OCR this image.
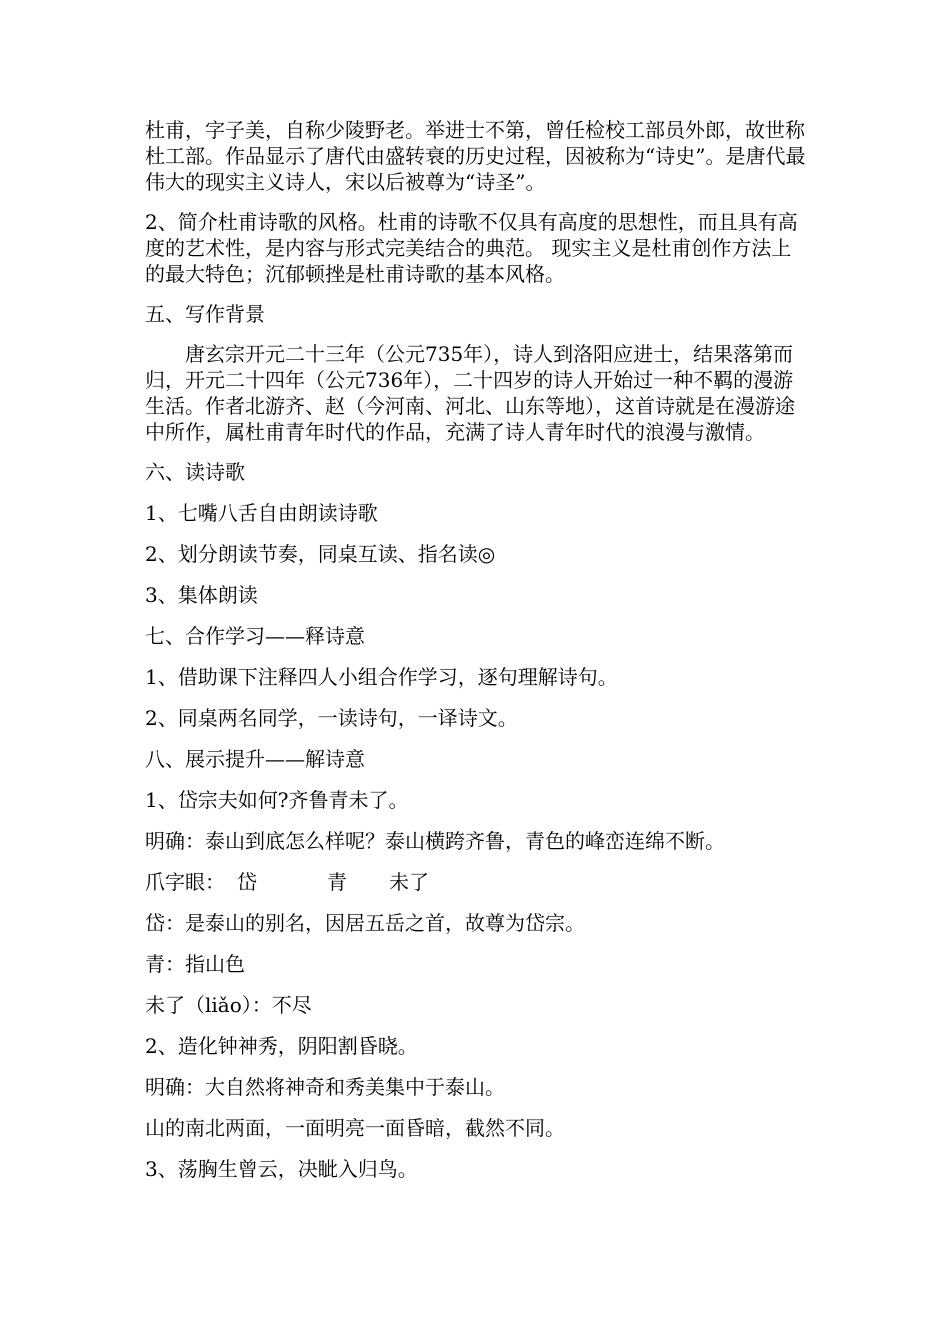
杜甫，字子美，自称少陵野老。举进士不第，曾任检校工部员外郎，故世称杜工部。作品显示了唐代由盛转衰的历史过程，因被称为“诗史”。是唐代最伟大的现实主义诗人，宋以后被尊为“诗圣”。

2、简介杜甫诗歌的风格。杜甫的诗歌不仅具有高度的思想性，而且具有高度的艺术性，是内容与形式完美结合的典范。 现实主义是杜甫创作方法上的最大特色；沉郁顿挫是杜甫诗歌的基本风格。

五、写作背景

唐玄宗开元二十三年（公元735年），诗人到洛阳应进士，结果落第而归，开元二十四年（公元736年），二十四岁的诗人开始过一种不羁的漫游生活。作者北游齐、赵（今河南、河北、山东等地），这首诗就是在漫游途中所作，属杜甫青年时代的作品，充满了诗人青年时代的浪漫与激情。

六、读诗歌

1、七嘴八舌自由朗读诗歌

2、划分朗读节奏，同桌互读、指名读◎

3、集体朗读

七、合作学习——释诗意

1、借助课下注释四人小组合作学习，逐句理解诗句。

2、同桌两名同学，一读诗句，一译诗文。

八、展示提升——解诗意

1、岱宗夫如何?齐鲁青未了。

明确：泰山到底怎么样呢？泰山横跨齐鲁，青色的峰峦连绵不断。

爪字眼： 岱	青	未了

岱：是泰山的别名，因居五岳之首，故尊为岱宗。

青：指山色

未了（liǎo）：不尽

2、造化钟神秀，阴阳割昏晓。

明确：大自然将神奇和秀美集中于泰山。

山的南北两面，一面明亮一面昏暗，截然不同。

3、荡胸生曾云，决眦入归鸟。
